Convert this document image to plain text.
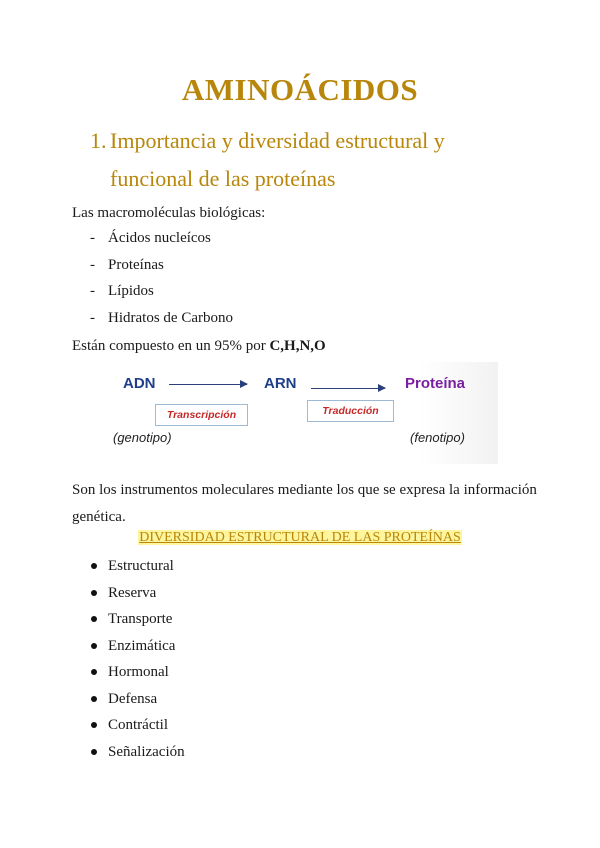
AMINOÁCIDOS
1. Importancia y diversidad estructural y funcional de las proteínas
Las macromoléculas biológicas:
- Ácidos nucleícos
- Proteínas
- Lípidos
- Hidratos de Carbono
Están compuesto en un 95% por C,H,N,O
ADN	ARN	Proteína
Transcripción	Traducción
(genotipo)	(fenotipo)
Son los instrumentos moleculares mediante los que se expresa la información genética.
DIVERSIDAD ESTRUCTURAL DE LAS PROTEÍNAS
Estructural
Reserva
Transporte
Enzimática
Hormonal
Defensa
Contráctil
Señalización
